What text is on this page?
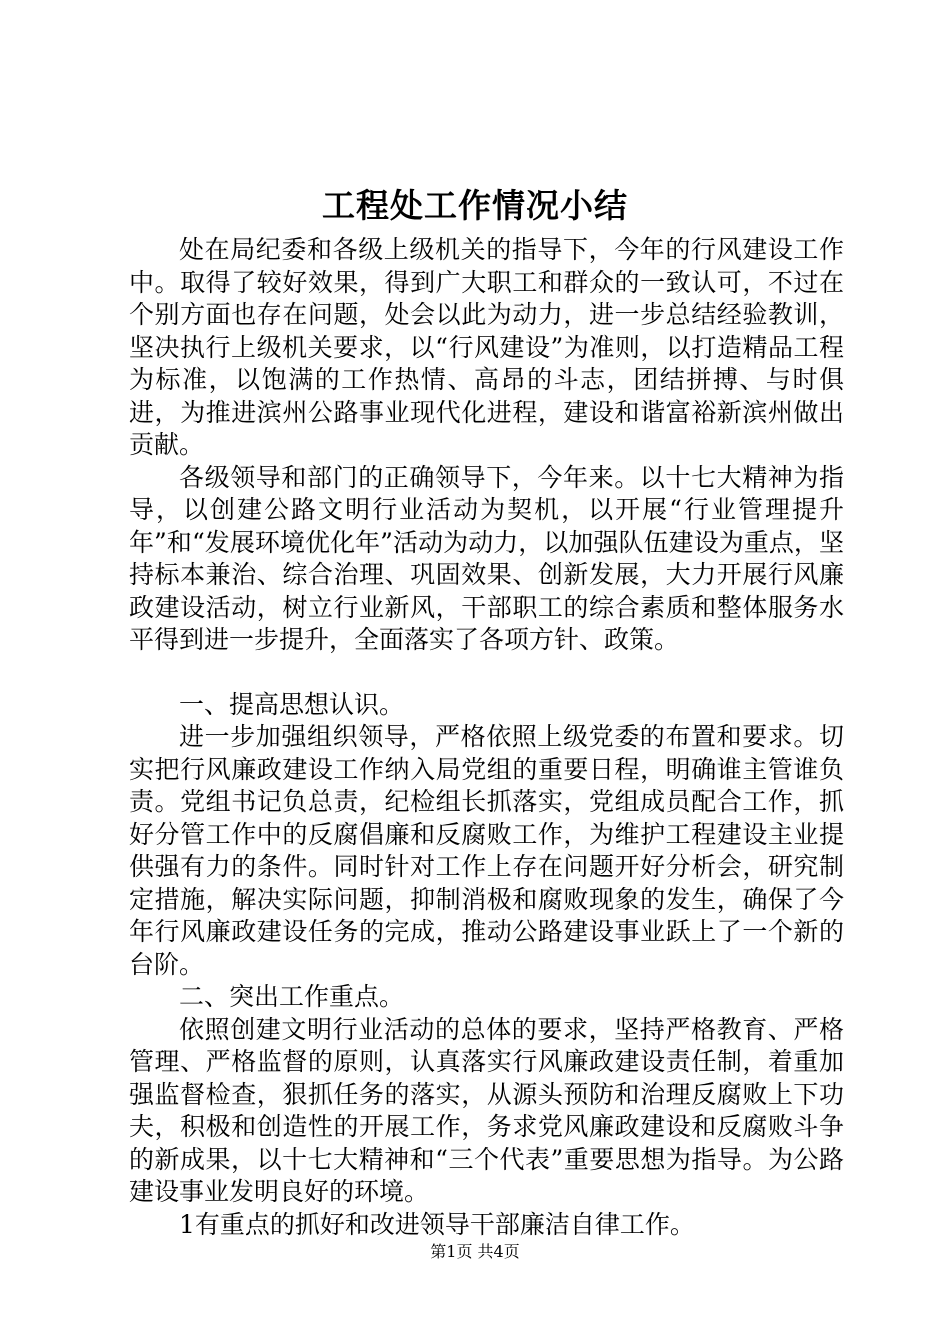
工程处工作情况小结

处在局纪委和各级上级机关的指导下，今年的行风建设工作中。取得了较好效果，得到广大职工和群众的一致认可，不过在个别方面也存在问题，处会以此为动力，进一步总结经验教训，坚决执行上级机关要求，以“行风建设”为准则，以打造精品工程为标准，以饱满的工作热情、高昂的斗志，团结拼搏、与时俱进，为推进滨州公路事业现代化进程，建设和谐富裕新滨州做出贡献。

各级领导和部门的正确领导下，今年来。以十七大精神为指导，以创建公路文明行业活动为契机，以开展“行业管理提升年”和“发展环境优化年”活动为动力，以加强队伍建设为重点，坚持标本兼治、综合治理、巩固效果、创新发展，大力开展行风廉政建设活动，树立行业新风，干部职工的综合素质和整体服务水平得到进一步提升，全面落实了各项方针、政策。

一、提高思想认识。

进一步加强组织领导，严格依照上级党委的布置和要求。切实把行风廉政建设工作纳入局党组的重要日程，明确谁主管谁负责。党组书记负总责，纪检组长抓落实，党组成员配合工作，抓好分管工作中的反腐倡廉和反腐败工作，为维护工程建设主业提供强有力的条件。同时针对工作上存在问题开好分析会，研究制定措施，解决实际问题，抑制消极和腐败现象的发生，确保了今年行风廉政建设任务的完成，推动公路建设事业跃上了一个新的台阶。

二、突出工作重点。

依照创建文明行业活动的总体的要求，坚持严格教育、严格管理、严格监督的原则，认真落实行风廉政建设责任制，着重加强监督检查，狠抓任务的落实，从源头预防和治理反腐败上下功夫，积极和创造性的开展工作，务求党风廉政建设和反腐败斗争的新成果，以十七大精神和“三个代表”重要思想为指导。为公路建设事业发明良好的环境。

1有重点的抓好和改进领导干部廉洁自律工作。

第1页 共4页
